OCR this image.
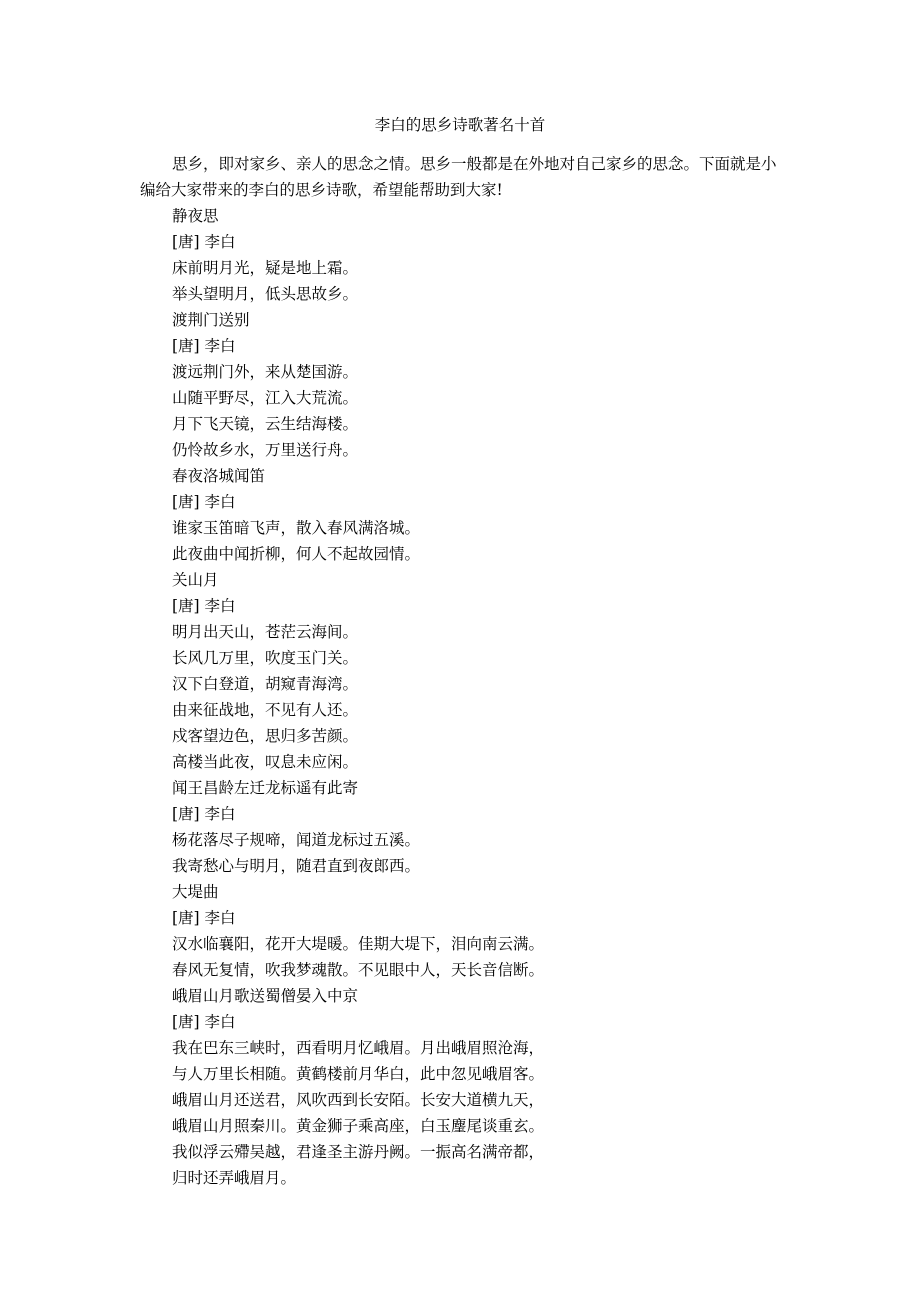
李白的思乡诗歌著名十首
思乡，即对家乡、亲人的思念之情。思乡一般都是在外地对自己家乡的思念。下面就是小编给大家带来的李白的思乡诗歌，希望能帮助到大家!
静夜思
[唐] 李白
床前明月光，疑是地上霜。
举头望明月，低头思故乡。
渡荆门送别
[唐] 李白
渡远荆门外，来从楚国游。
山随平野尽，江入大荒流。
月下飞天镜，云生结海楼。
仍怜故乡水，万里送行舟。
春夜洛城闻笛
[唐] 李白
谁家玉笛暗飞声，散入春风满洛城。
此夜曲中闻折柳，何人不起故园情。
关山月
[唐] 李白
明月出天山，苍茫云海间。
长风几万里，吹度玉门关。
汉下白登道，胡窥青海湾。
由来征战地，不见有人还。
戍客望边色，思归多苦颜。
高楼当此夜，叹息未应闲。
闻王昌龄左迁龙标遥有此寄
[唐] 李白
杨花落尽子规啼，闻道龙标过五溪。
我寄愁心与明月，随君直到夜郎西。
大堤曲
[唐] 李白
汉水临襄阳，花开大堤暖。佳期大堤下，泪向南云满。
春风无复情，吹我梦魂散。不见眼中人，天长音信断。
峨眉山月歌送蜀僧晏入中京
[唐] 李白
我在巴东三峡时，西看明月忆峨眉。月出峨眉照沧海，
与人万里长相随。黄鹤楼前月华白，此中忽见峨眉客。
峨眉山月还送君，风吹西到长安陌。长安大道横九天，
峨眉山月照秦川。黄金狮子乘高座，白玉麈尾谈重玄。
我似浮云殢吴越，君逢圣主游丹阙。一振高名满帝都，
归时还弄峨眉月。
